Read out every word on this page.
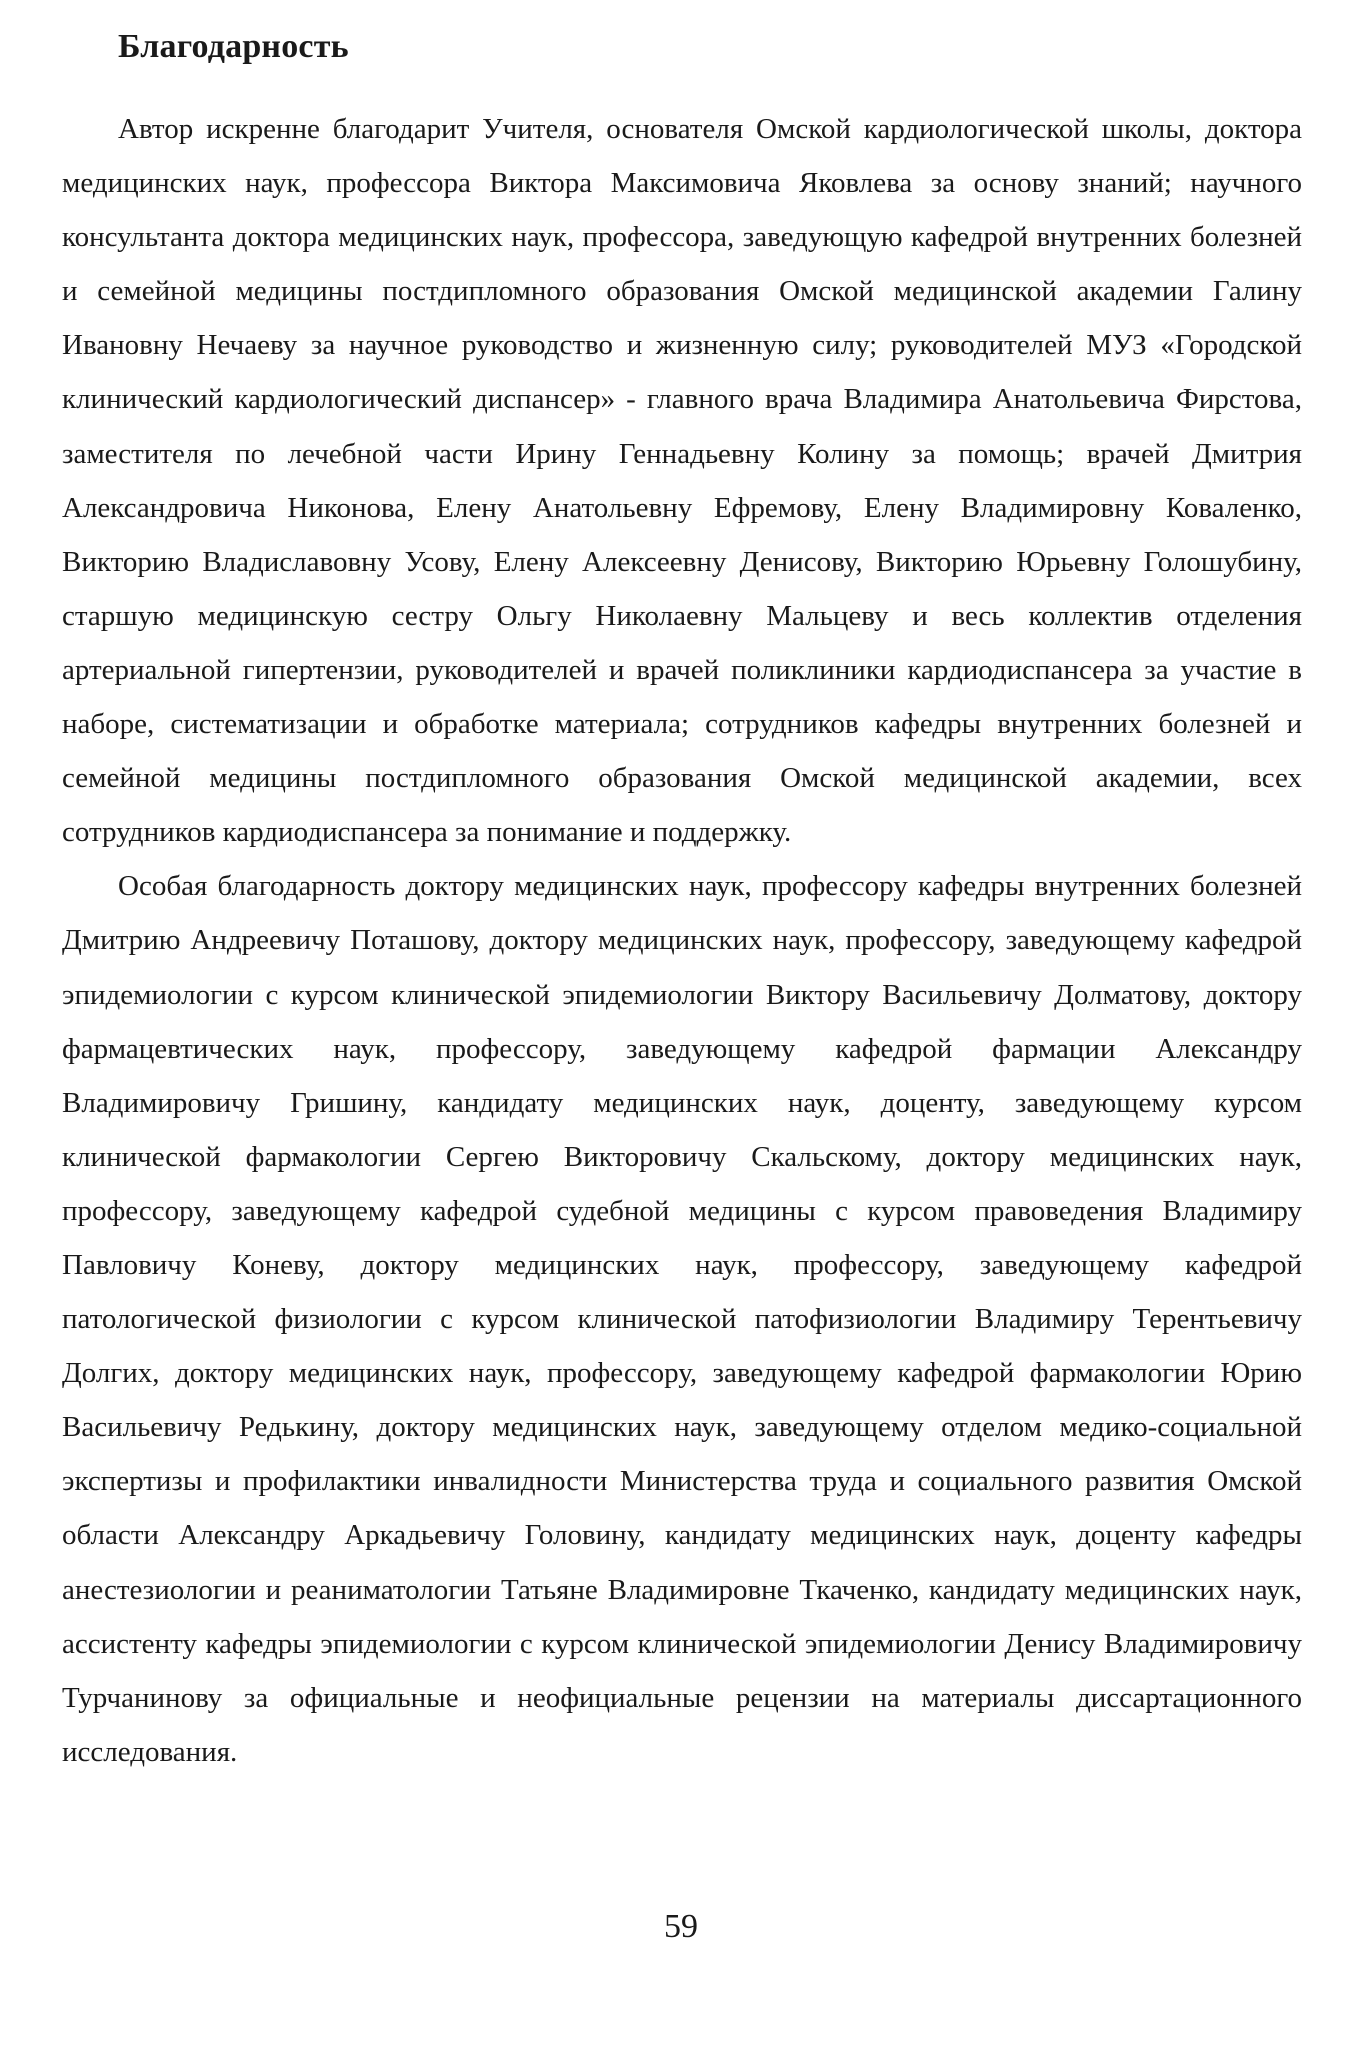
Благодарность

Автор искренне благодарит Учителя, основателя Омской кардиологической школы, доктора медицинских наук, профессора Виктора Максимовича Яковлева за основу знаний; научного консультанта доктора медицинских наук, профессора, заведующую кафедрой внутренних болезней и семейной медицины постдипломного образования Омской медицинской академии Галину Ивановну Нечаеву за научное руководство и жизненную силу; руководителей МУЗ «Городской клинический кардиологический диспансер» - главного врача Владимира Анатольевича Фирстова, заместителя по лечебной части Ирину Геннадьевну Колину за помощь; врачей Дмитрия Александровича Никонова, Елену Анатольевну Ефремову, Елену Владимировну Коваленко, Викторию Владиславовну Усову, Елену Алексеевну Денисову, Викторию Юрьевну Голошубину, старшую медицинскую сестру Ольгу Николаевну Мальцеву и весь коллектив отделения артериальной гипертензии, руководителей и врачей поликлиники кардиодиспансера за участие в наборе, систематизации и обработке материала; сотрудников кафедры внутренних болезней и семейной медицины постдипломного образования Омской медицинской академии, всех сотрудников кардиодиспансера за понимание и поддержку.

Особая благодарность доктору медицинских наук, профессору кафедры внутренних болезней Дмитрию Андреевичу Поташову, доктору медицинских наук, профессору, заведующему кафедрой эпидемиологии с курсом клинической эпидемиологии Виктору Васильевичу Долматову, доктору фармацевтических наук, профессору, заведующему кафедрой фармации Александру Владимировичу Гришину, кандидату медицинских наук, доценту, заведующему курсом клинической фармакологии Сергею Викторовичу Скальскому, доктору медицинских наук, профессору, заведующему кафедрой судебной медицины с курсом правоведения Владимиру Павловичу Коневу, доктору медицинских наук, профессору, заведующему кафедрой патологической физиологии с курсом клинической патофизиологии Владимиру Терентьевичу Долгих, доктору медицинских наук, профессору, заведующему кафедрой фармакологии Юрию Васильевичу Редькину, доктору медицинских наук, заведующему отделом медико-социальной экспертизы и профилактики инвалидности Министерства труда и социального развития Омской области Александру Аркадьевичу Головину, кандидату медицинских наук, доценту кафедры анестезиологии и реаниматологии Татьяне Владимировне Ткаченко, кандидату медицинских наук, ассистенту кафедры эпидемиологии с курсом клинической эпидемиологии Денису Владимировичу Турчанинову за официальные и неофициальные рецензии на материалы диссартационного исследования.

59
